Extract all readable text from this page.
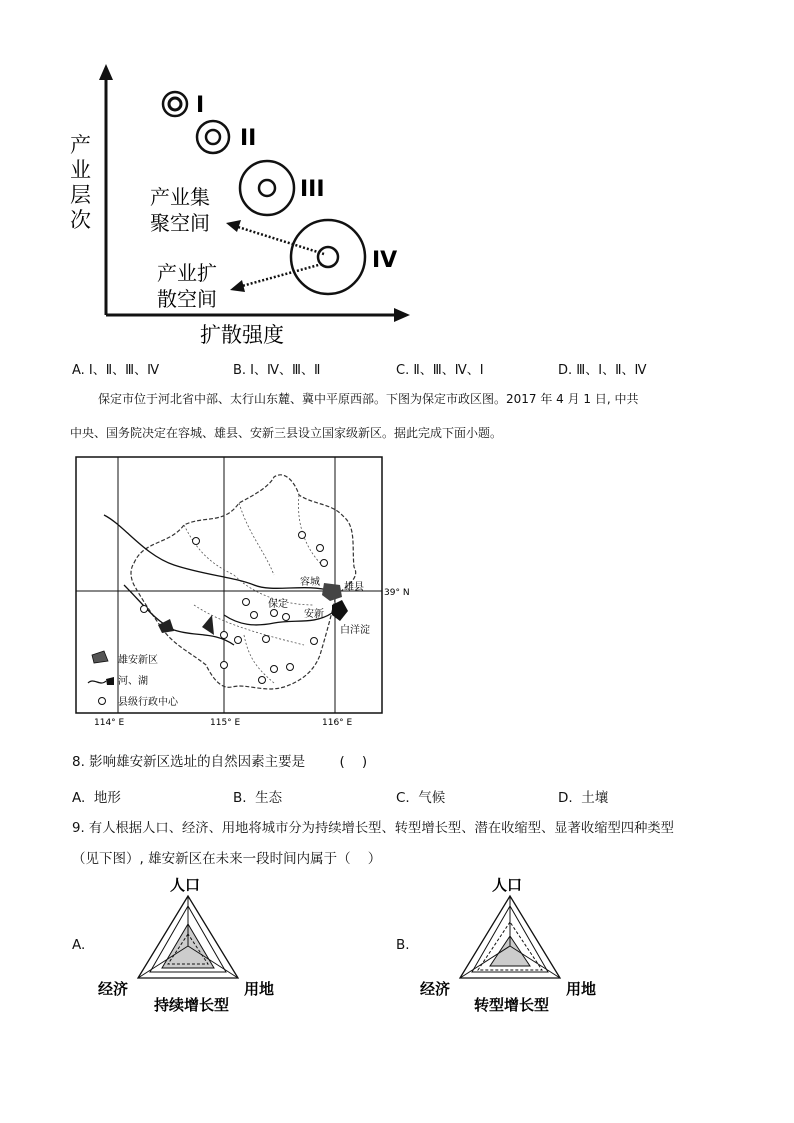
产
业
层
次
扩散强度
I
II
III
IV
产业集
聚空间
产业扩
散空间
A. Ⅰ、Ⅱ、Ⅲ、Ⅳ	B. Ⅰ、Ⅳ、Ⅲ、Ⅱ	C. Ⅱ、Ⅲ、Ⅳ、Ⅰ	D. Ⅲ、Ⅰ、Ⅱ、Ⅳ
保定市位于河北省中部、太行山东麓、冀中平原西部。下图为保定市政区图。2017 年 4 月 1 日, 中共
中央、国务院决定在容城、雄县、安新三县设立国家级新区。据此完成下面小题。
容城 雄县
保定
安新
白洋淀
39° N
雄安新区
河、湖
县级行政中心
114° E	115° E	116° E
8. 影响雄安新区选址的自然因素主要是        (    )
A.  地形	B.  生态	C.  气候	D.  土壤
9. 有人根据人口、经济、用地将城市分为持续增长型、转型增长型、潜在收缩型、显著收缩型四种类型
（见下图）, 雄安新区在未来一段时间内属于（    ）
A.
人口
经济	用地
持续增长型
B.
人口
经济	用地
转型增长型
